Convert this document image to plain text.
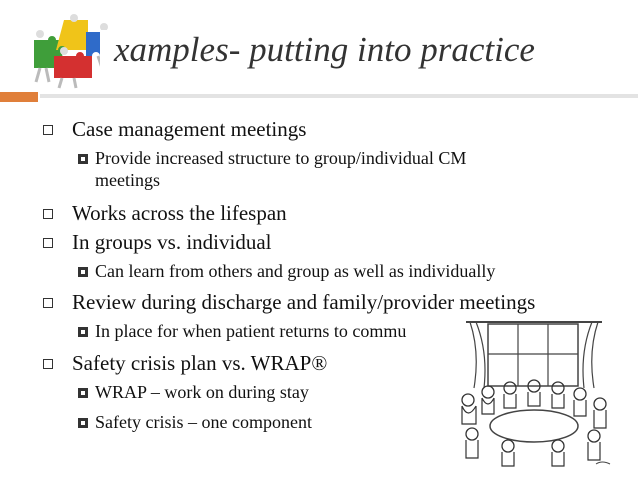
xamples- putting into practice
Case management meetings
Provide increased structure to group/individual CM
meetings
Works across the lifespan
In groups vs. individual
Can learn from others and group as well as individually
Review during discharge and family/provider meetings
In place for when patient returns to commu
Safety crisis plan vs. WRAP®
WRAP – work on during stay
Safety crisis – one component
